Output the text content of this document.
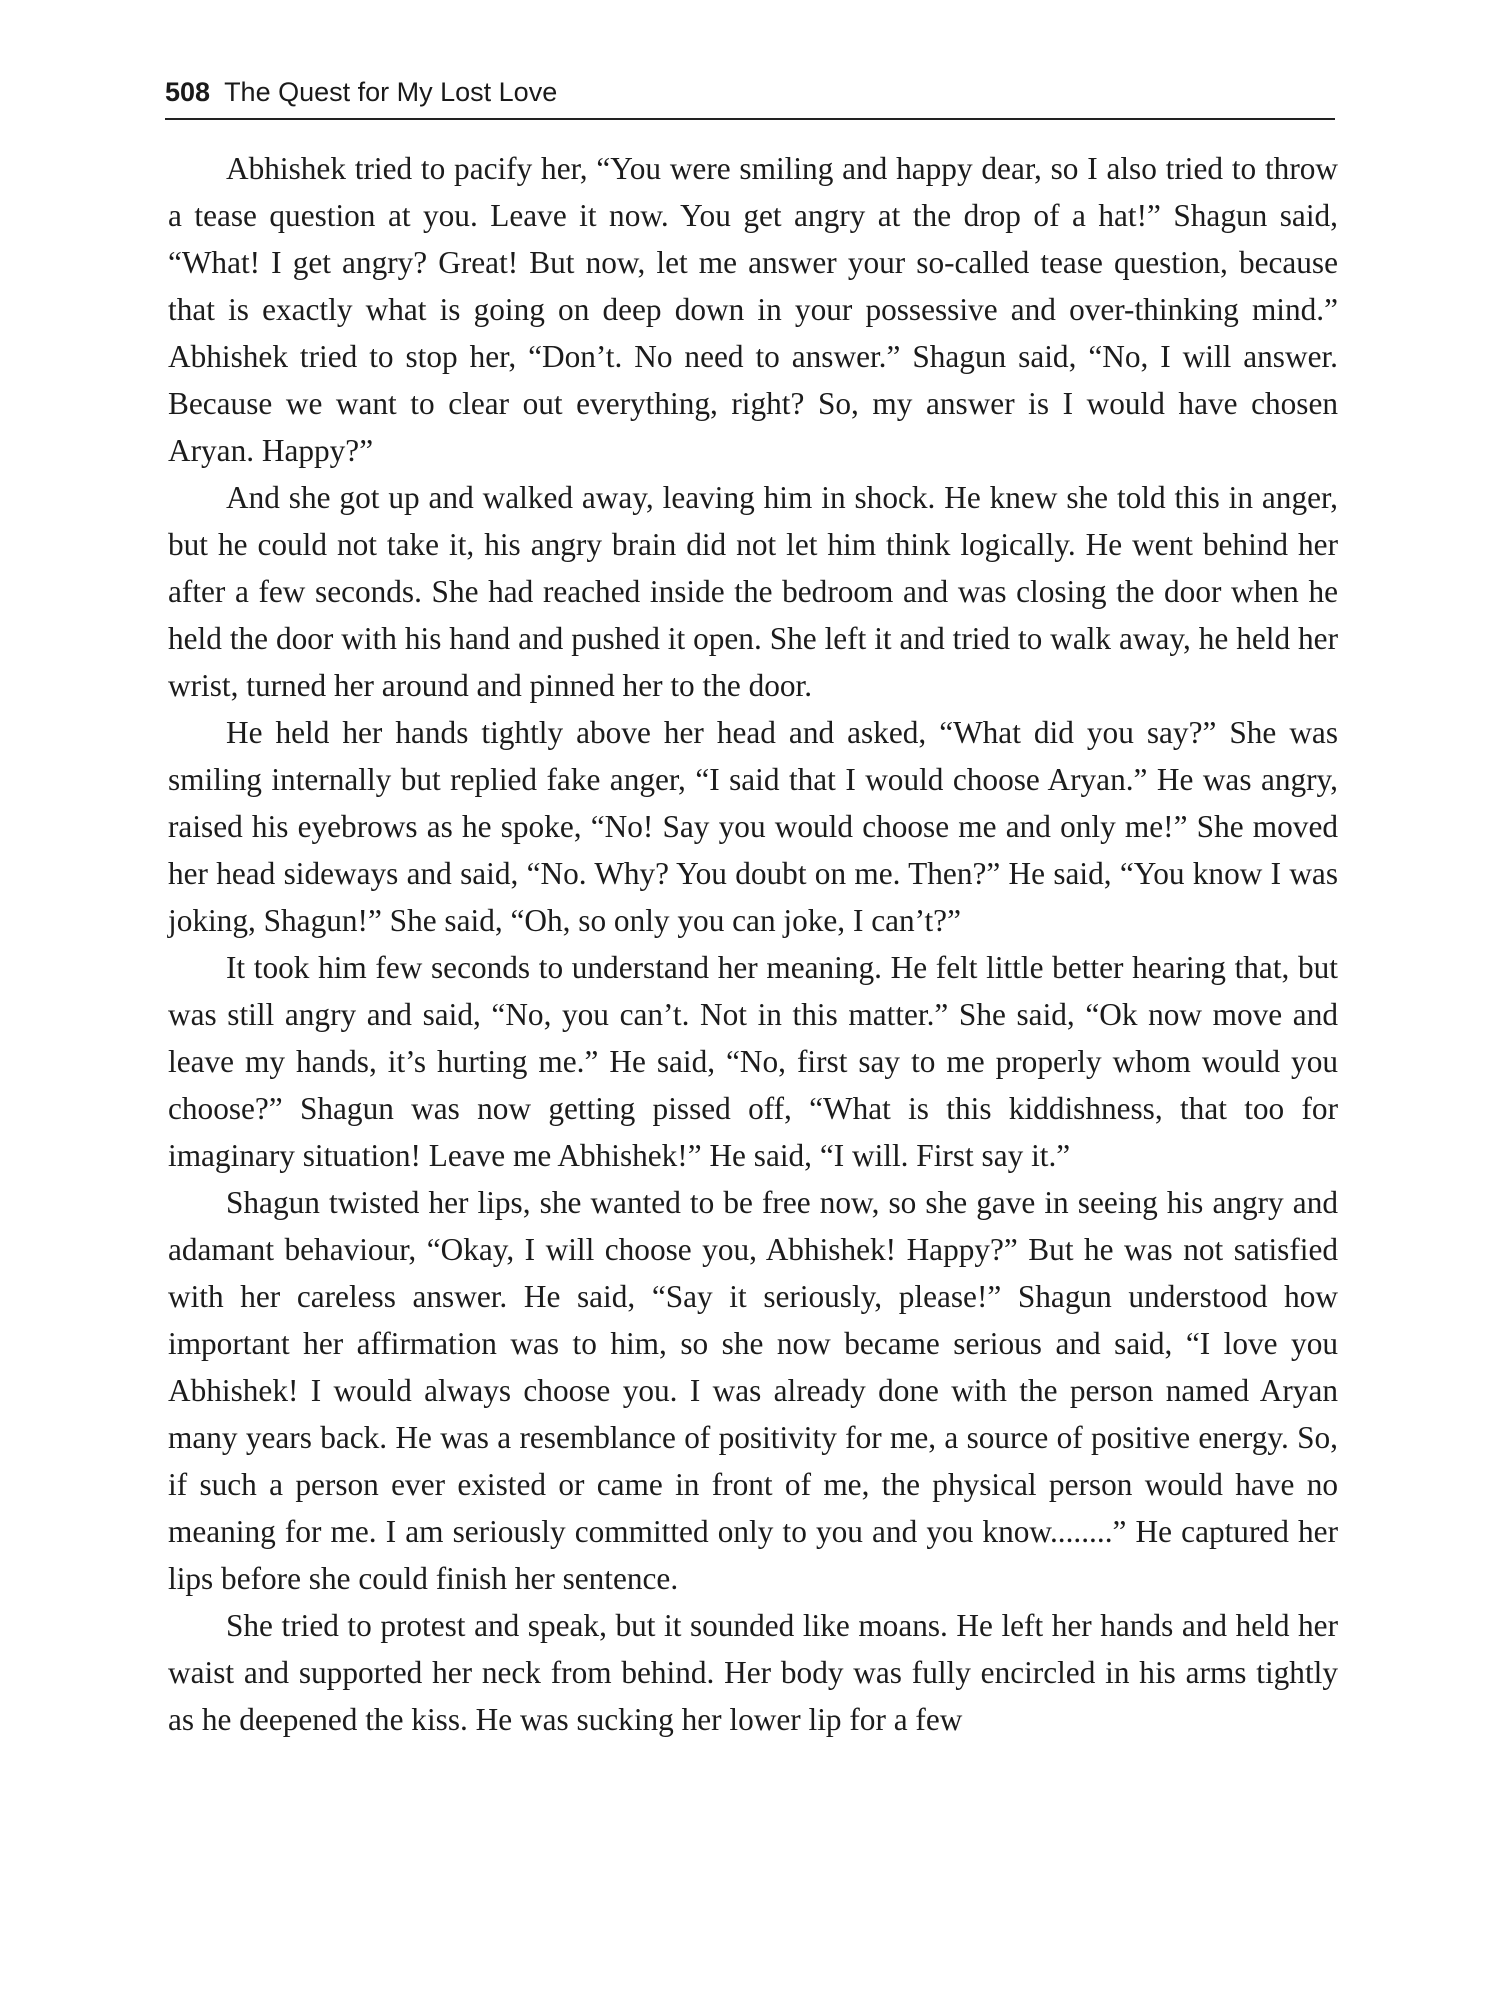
508 The Quest for My Lost Love

Abhishek tried to pacify her, “You were smiling and happy dear, so I also tried to throw a tease question at you. Leave it now. You get angry at the drop of a hat!” Shagun said, “What! I get angry? Great! But now, let me answer your so-called tease question, because that is exactly what is going on deep down in your possessive and over-thinking mind.” Abhishek tried to stop her, “Don’t. No need to answer.” Shagun said, “No, I will answer. Because we want to clear out everything, right? So, my answer is I would have chosen Aryan. Happy?”

And she got up and walked away, leaving him in shock. He knew she told this in anger, but he could not take it, his angry brain did not let him think logically. He went behind her after a few seconds. She had reached inside the bedroom and was closing the door when he held the door with his hand and pushed it open. She left it and tried to walk away, he held her wrist, turned her around and pinned her to the door.

He held her hands tightly above her head and asked, “What did you say?” She was smiling internally but replied fake anger, “I said that I would choose Aryan.” He was angry, raised his eyebrows as he spoke, “No! Say you would choose me and only me!” She moved her head sideways and said, “No. Why? You doubt on me. Then?” He said, “You know I was joking, Shagun!” She said, “Oh, so only you can joke, I can’t?”

It took him few seconds to understand her meaning. He felt little better hearing that, but was still angry and said, “No, you can’t. Not in this matter.” She said, “Ok now move and leave my hands, it’s hurting me.” He said, “No, first say to me properly whom would you choose?” Shagun was now getting pissed off, “What is this kiddishness, that too for imaginary situation! Leave me Abhishek!” He said, “I will. First say it.”

Shagun twisted her lips, she wanted to be free now, so she gave in seeing his angry and adamant behaviour, “Okay, I will choose you, Abhishek! Happy?” But he was not satisfied with her careless answer. He said, “Say it seriously, please!” Shagun understood how important her affirmation was to him, so she now became serious and said, “I love you Abhishek! I would always choose you. I was already done with the person named Aryan many years back. He was a resemblance of positivity for me, a source of positive energy. So, if such a person ever existed or came in front of me, the physical person would have no meaning for me. I am seriously committed only to you and you know........” He captured her lips before she could finish her sentence.

She tried to protest and speak, but it sounded like moans. He left her hands and held her waist and supported her neck from behind. Her body was fully encircled in his arms tightly as he deepened the kiss. He was sucking her lower lip for a few
